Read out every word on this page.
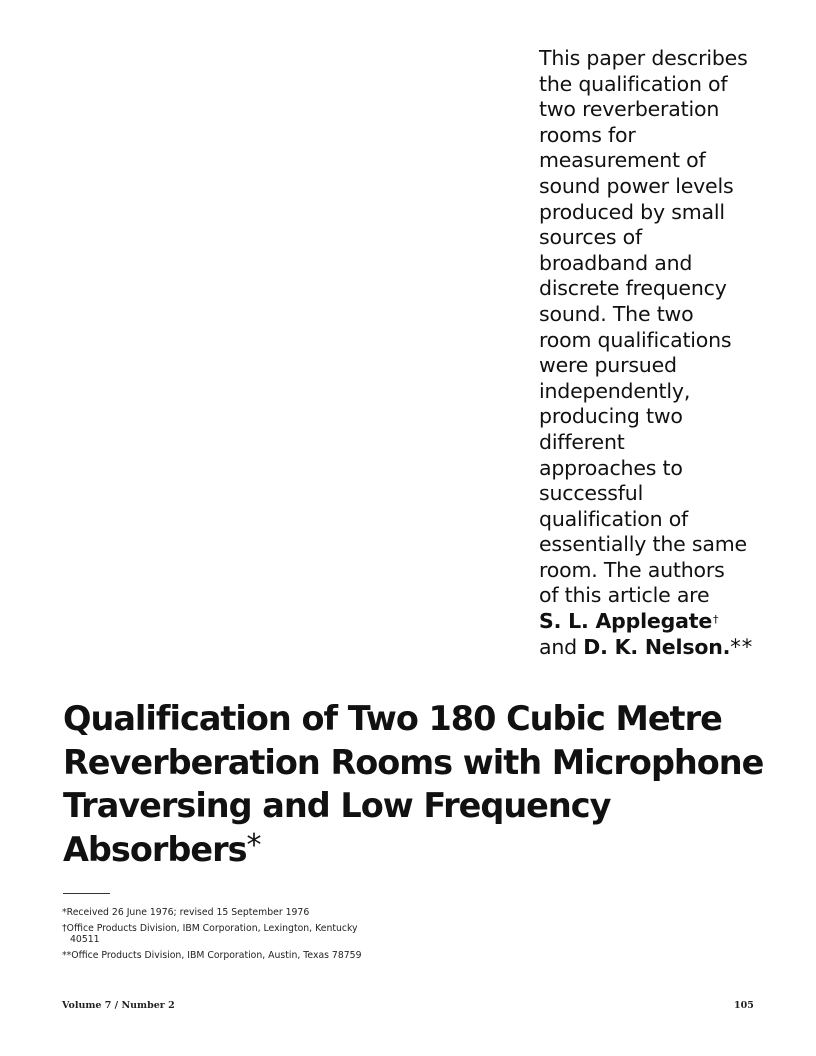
This paper describes
the qualification of
two reverberation
rooms for
measurement of
sound power levels
produced by small
sources of
broadband and
discrete frequency
sound. The two
room qualifications
were pursued
independently,
producing two
different
approaches to
successful
qualification of
essentially the same
room. The authors
of this article are
S. L. Applegate†
and D. K. Nelson.**
Qualification of Two 180 Cubic Metre
Reverberation Rooms with Microphone
Traversing and Low Frequency
Absorbers*
*Received 26 June 1976; revised 15 September 1976
†Office Products Division, IBM Corporation, Lexington, Kentucky
40511
**Office Products Division, IBM Corporation, Austin, Texas 78759
Volume 7 / Number 2	105
